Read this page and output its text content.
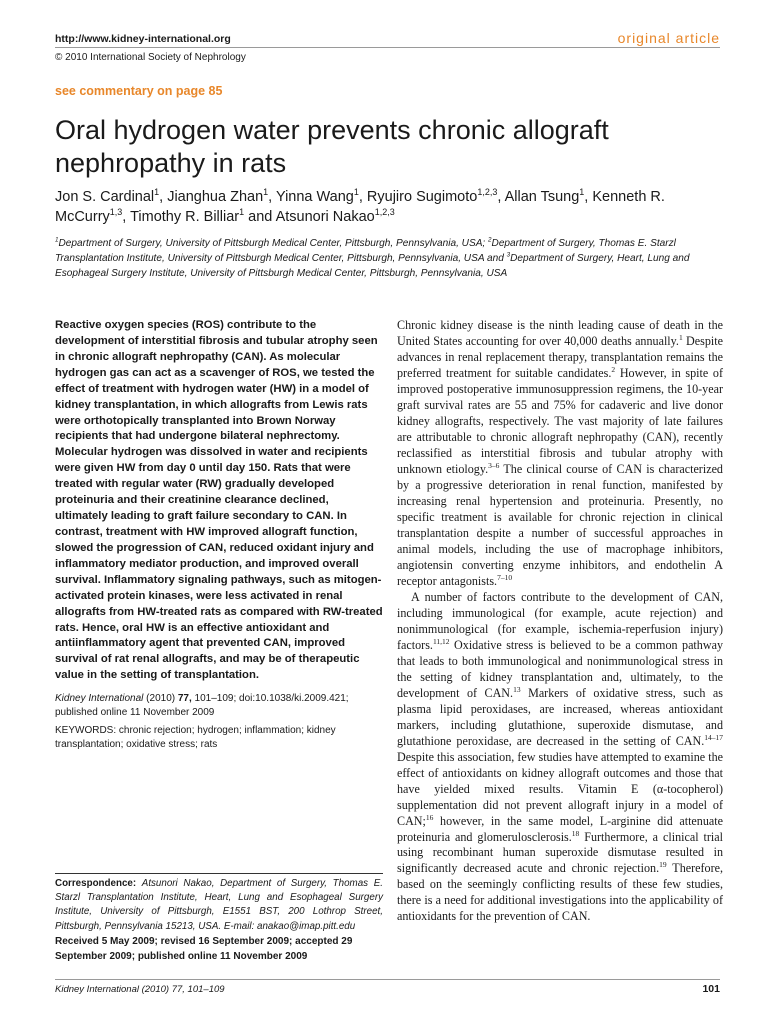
http://www.kidney-international.org	original article
© 2010 International Society of Nephrology
see commentary on page 85
Oral hydrogen water prevents chronic allograft nephropathy in rats
Jon S. Cardinal$^1$, Jianghua Zhan$^1$, Yinna Wang$^1$, Ryujiro Sugimoto$^{1,2,3}$, Allan Tsung$^1$, Kenneth R. McCurry$^{1,3}$, Timothy R. Billiar$^1$ and Atsunori Nakao$^{1,2,3}$
$^1$Department of Surgery, University of Pittsburgh Medical Center, Pittsburgh, Pennsylvania, USA; $^2$Department of Surgery, Thomas E. Starzl Transplantation Institute, University of Pittsburgh Medical Center, Pittsburgh, Pennsylvania, USA and $^3$Department of Surgery, Heart, Lung and Esophageal Surgery Institute, University of Pittsburgh Medical Center, Pittsburgh, Pennsylvania, USA

Reactive oxygen species (ROS) contribute to the development of interstitial fibrosis and tubular atrophy seen in chronic allograft nephropathy (CAN). As molecular hydrogen gas can act as a scavenger of ROS, we tested the effect of treatment with hydrogen water (HW) in a model of kidney transplantation, in which allografts from Lewis rats were orthotopically transplanted into Brown Norway recipients that had undergone bilateral nephrectomy. Molecular hydrogen was dissolved in water and recipients were given HW from day 0 until day 150. Rats that were treated with regular water (RW) gradually developed proteinuria and their creatinine clearance declined, ultimately leading to graft failure secondary to CAN. In contrast, treatment with HW improved allograft function, slowed the progression of CAN, reduced oxidant injury and inflammatory mediator production, and improved overall survival. Inflammatory signaling pathways, such as mitogen-activated protein kinases, were less activated in renal allografts from HW-treated rats as compared with RW-treated rats. Hence, oral HW is an effective antioxidant and antiinflammatory agent that prevented CAN, improved survival of rat renal allografts, and may be of therapeutic value in the setting of transplantation.

Kidney International (2010) 77, 101–109; doi:10.1038/ki.2009.421;
published online 11 November 2009

KEYWORDS: chronic rejection; hydrogen; inflammation; kidney transplantation; oxidative stress; rats

Correspondence: Atsunori Nakao, Department of Surgery, Thomas E. Starzl Transplantation Institute, Heart, Lung and Esophageal Surgery Institute, University of Pittsburgh, E1551 BST, 200 Lothrop Street, Pittsburgh, Pennsylvania 15213, USA. E-mail: anakao@imap.pitt.edu
Received 5 May 2009; revised 16 September 2009; accepted 29 September 2009; published online 11 November 2009

Chronic kidney disease is the ninth leading cause of death in the United States accounting for over 40,000 deaths annually.$^1$ Despite advances in renal replacement therapy, transplantation remains the preferred treatment for suitable candidates.$^2$ However, in spite of improved postoperative immunosuppression regimens, the 10-year graft survival rates are 55 and 75% for cadaveric and live donor kidney allografts, respectively. The vast majority of late failures are attributable to chronic allograft nephropathy (CAN), recently reclassified as interstitial fibrosis and tubular atrophy with unknown etiology.$^{3-6}$ The clinical course of CAN is characterized by a progressive deterioration in renal function, manifested by increasing renal hypertension and proteinuria. Presently, no specific treatment is available for chronic rejection in clinical transplantation despite a number of successful approaches in animal models, including the use of macrophage inhibitors, angiotensin converting enzyme inhibitors, and endothelin A receptor antagonists.$^{7-10}$

A number of factors contribute to the development of CAN, including immunological (for example, acute rejection) and nonimmunological (for example, ischemia-reperfusion injury) factors.$^{11,12}$ Oxidative stress is believed to be a common pathway that leads to both immunological and nonimmunological stress in the setting of kidney transplantation and, ultimately, to the development of CAN.$^{13}$ Markers of oxidative stress, such as plasma lipid peroxidases, are increased, whereas antioxidant markers, including glutathione, superoxide dismutase, and glutathione peroxidase, are decreased in the setting of CAN.$^{14-17}$ Despite this association, few studies have attempted to examine the effect of antioxidants on kidney allograft outcomes and those that have yielded mixed results. Vitamin E (α-tocopherol) supplementation did not prevent allograft injury in a model of CAN;$^{16}$ however, in the same model, L-arginine did attenuate proteinuria and glomerulosclerosis.$^{18}$ Furthermore, a clinical trial using recombinant human superoxide dismutase resulted in significantly decreased acute and chronic rejection.$^{19}$ Therefore, based on the seemingly conflicting results of these few studies, there is a need for additional investigations into the applicability of antioxidants for the prevention of CAN.

Kidney International (2010) 77, 101–109	101
